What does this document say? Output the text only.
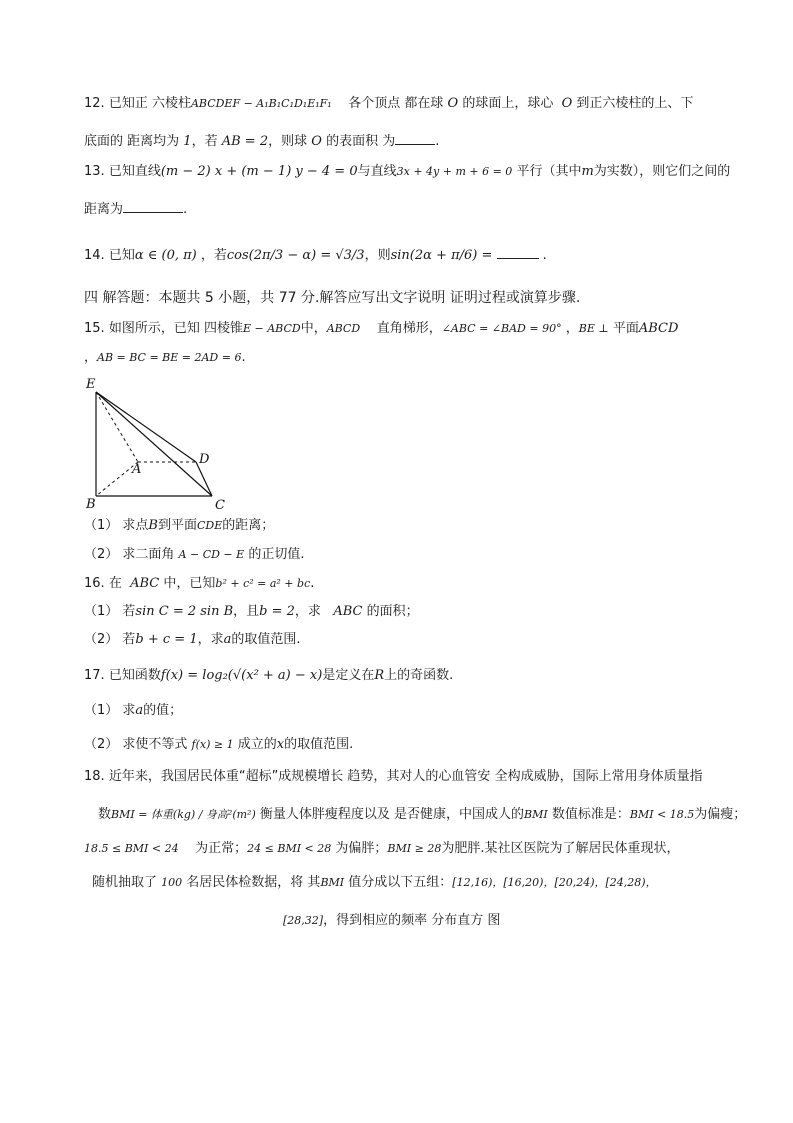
12. 已知正 六棱柱ABCDEF − A₁B₁C₁D₁E₁F₁ 各个顶点 都在球 O 的球面上，球心 O 到正六棱柱的上、下
底面的 距离均为 1，若 AB = 2，则球 O 的表面积 为	.
13. 已知直线(m − 2) x + (m − 1) y − 4 = 0与直线3x + 4y + m + 6 = 0 平行（其中m为实数），则它们之间的
距离为	.
14. 已知α ∈ (0, π) ，若cos(2π/3 − α) = √3/3，则sin(2α + π/6) =	.
四 解答题：本题共 5 小题，共 77 分.解答应写出文字说明 证明过程或演算步骤.
15. 如图所示，已知 四棱锥E − ABCD中，ABCD 直角梯形，∠ABC = ∠BAD = 90° ，BE ⊥ 平面ABCD
，AB = BC = BE = 2AD = 6.
E
A
D
B	C
（1） 求点B到平面CDE的距离；
（2） 求二面角 A − CD − E 的正切值.
16. 在 ABC 中，已知b² + c² = a² + bc.
（1） 若sin C = 2 sin B，且b = 2，求 ABC 的面积；
（2） 若b + c = 1，求a的取值范围.
17. 已知函数f(x) = log₂(√(x² + a) − x)是定义在R上的奇函数.
（1） 求a的值；
（2） 求使不等式 f(x) ≥ 1 成立的x的取值范围.
18. 近年来，我国居民体重“超标”成规模增长 趋势，其对人的心血管安 全构成威胁，国际上常用身体质量指
数BMI = 体重(kg) / 身高²(m²) 衡量人体胖瘦程度以及 是否健康，中国成人的BMI 数值标准是：BMI < 18.5为偏瘦；
18.5 ≤ BMI < 24 为正常；24 ≤ BMI < 28 为偏胖；BMI ≥ 28为肥胖.某社区医院为了解居民体重现状，
随机抽取了 100 名居民体检数据，将 其BMI 值分成以下五组：[12,16)，[16,20)，[20,24)，[24,28)，
[28,32]，得到相应的频率 分布直方 图
